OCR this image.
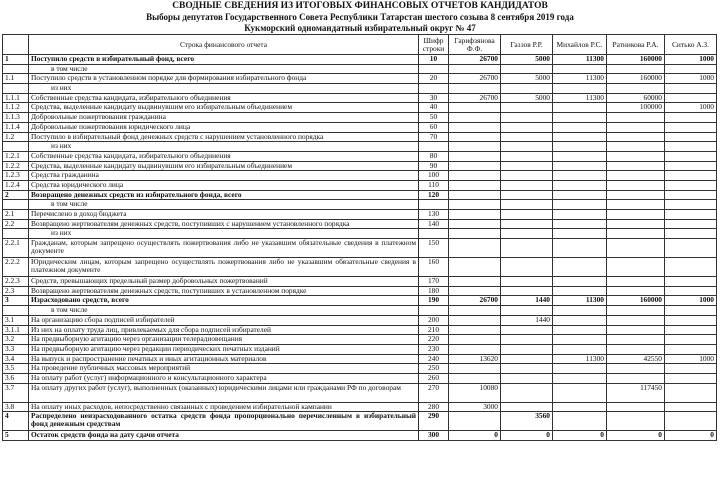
СВОДНЫЕ СВЕДЕНИЯ ИЗ ИТОГОВЫХ ФИНАНСОВЫХ ОТЧЕТОВ КАНДИДАТОВ
Выборы депутатов Государственного Совета Республики Татарстан шестого созыва 8 сентября 2019 года
Кукморский одномандатный избирательный округ № 47
	Строка финансового отчета	Шифр строки	Гарифзянова Ф.Ф.	Газзов Р.Р.	Михайлов Р.С.	Ратникова Р.А.	Ситько А.З.
1	Поступило средств в избирательный фонд, всего	10	26700	5000	11300	160000	1000
	в том числе						
1.1	Поступило средств в установленном порядке для формирования избирательного фонда	20	26700	5000	11300	160000	1000
	из них						
1.1.1	Собственные средства кандидата, избирательного объединения	30	26700	5000	11300	60000	
1.1.2	Средства, выделенные кандидату выдвинувшим его избирательным объединением	40				100000	1000
1.1.3	Добровольные пожертвования гражданина	50					
1.1.4	Добровольные пожертвования юридического лица	60					
1.2	Поступило в избирательный фонд денежных средств с нарушением установленного порядка	70					
	из них						
1.2.1	Собственные средства кандидата, избирательного объединения	80					
1.2.2	Средства, выделенные кандидату выдвинувшим его избирательным объединением	90					
1.2.3	Средства гражданина	100					
1.2.4	Средства юридического лица	110					
2	Возвращено денежных средств из избирательного фонда, всего	120					
	в том числе						
2.1	Перечислено в доход бюджета	130					
2.2	Возвращено жертвователям денежных средств, поступивших с нарушением установленного порядка	140					
	из них						
2.2.1	Гражданам, которым запрещено осуществлять пожертвования либо не указавшим обязательные сведения в платежном документе	150					
2.2.2	Юридическим лицам, которым запрещено осуществлять пожертвования либо не указавшим обязательные сведения в платежном документе	160					
2.2.3	Средств, превышающих предельный размер добровольных пожертвований	170					
2.3	Возвращено жертвователям денежных средств, поступивших в установленном порядке	180					
3	Израсходовано средств, всего	190	26700	1440	11300	160000	1000
	в том числе						
3.1	На организацию сбора подписей избирателей	200		1440			
3.1.1	Из них на оплату труда лиц, привлекаемых для сбора подписей избирателей	210					
3.2	На предвыборную агитацию через организации телерадиовещания	220					
3.3	На предвыборную агитацию через редакции периодических печатных изданий	230					
3.4	На выпуск и распространение печатных и иных агитационных материалов	240	13620		11300	42550	1000
3.5	На проведение публичных массовых мероприятий	250					
3.6	На оплату работ (услуг) информационного и консультационного характера	260					
3.7	На оплату других работ (услуг), выполненных (оказанных) юридическими лицами или гражданами РФ по договорам	270	10080			117450	
3.8	На оплату иных расходов, непосредственно связанных с проведением избирательной кампании	280	3000				
4	Распределено неизрасходованного остатка средств фонда пропорционально перечисленным в избирательный фонд денежным средствам	290		3560			
5	Остаток средств фонда на дату сдачи отчета	300	0	0	0	0	0
